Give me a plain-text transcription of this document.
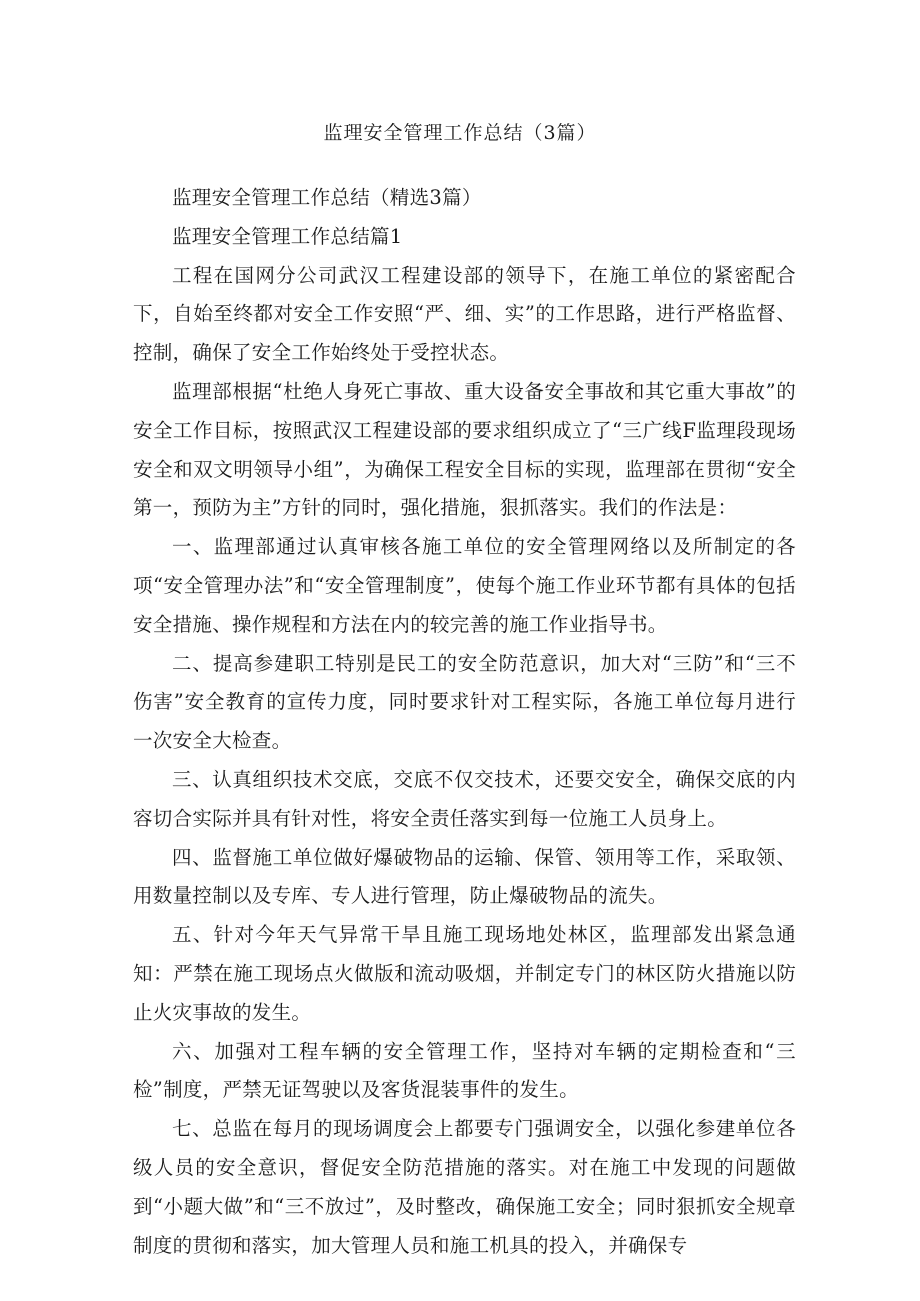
监理安全管理工作总结（3篇）

监理安全管理工作总结（精选3篇）

监理安全管理工作总结篇1

工程在国网分公司武汉工程建设部的领导下，在施工单位的紧密配合下，自始至终都对安全工作安照“严、细、实”的工作思路，进行严格监督、控制，确保了安全工作始终处于受控状态。

监理部根据“杜绝人身死亡事故、重大设备安全事故和其它重大事故”的安全工作目标，按照武汉工程建设部的要求组织成立了“三广线F监理段现场安全和双文明领导小组”，为确保工程安全目标的实现，监理部在贯彻“安全第一，预防为主”方针的同时，强化措施，狠抓落实。我们的作法是：

一、监理部通过认真审核各施工单位的安全管理网络以及所制定的各项“安全管理办法”和“安全管理制度”，使每个施工作业环节都有具体的包括安全措施、操作规程和方法在内的较完善的施工作业指导书。

二、提高参建职工特别是民工的安全防范意识，加大对“三防”和“三不伤害”安全教育的宣传力度，同时要求针对工程实际，各施工单位每月进行一次安全大检查。

三、认真组织技术交底，交底不仅交技术，还要交安全，确保交底的内容切合实际并具有针对性，将安全责任落实到每一位施工人员身上。

四、监督施工单位做好爆破物品的运输、保管、领用等工作，采取领、用数量控制以及专库、专人进行管理，防止爆破物品的流失。

五、针对今年天气异常干旱且施工现场地处林区，监理部发出紧急通知：严禁在施工现场点火做版和流动吸烟，并制定专门的林区防火措施以防止火灾事故的发生。

六、加强对工程车辆的安全管理工作，坚持对车辆的定期检查和“三检”制度，严禁无证驾驶以及客货混装事件的发生。

七、总监在每月的现场调度会上都要专门强调安全，以强化参建单位各级人员的安全意识，督促安全防范措施的落实。对在施工中发现的问题做到“小题大做”和“三不放过”，及时整改，确保施工安全；同时狠抓安全规章制度的贯彻和落实，加大管理人员和施工机具的投入，并确保专
